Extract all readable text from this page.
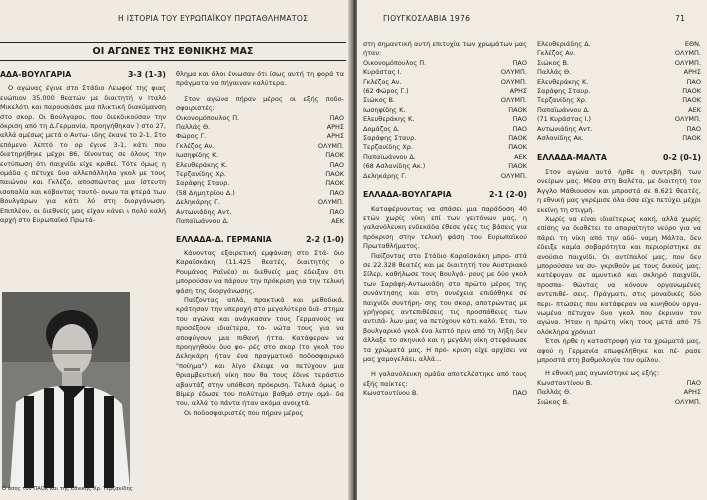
Η ΙΣΤΟΡΙΑ ΤΟΥ ΕΥΡΩΠΑΪΚΟΥ ΠΡΩΤΑΘΛΗΜΑΤΟΣ
ΟΙ ΑΓΩΝΕΣ ΤΗΣ ΕΘΝΙΚΗΣ ΜΑΣ
ΑΔΑ-ΒΟΥΛΓΑΡΙΑ	3-3 (1-3)

Ο αγώνας έγινε στο Στάδιο Λεωφοί της φιας ενώπιον 35.000 θεατών με διαιτητή ν Ιταλό Μικελότι και παρουσιάσε μια πλικτική διακύμανση στο σκορ. Οι Βούλγαροι, που διεκδικούσαν την όκριση από τη Δ.Γερμανία, προηγήθηκαν ) στο 27, αλλά αμέσως μετά ο Αντω- ιδης έκανε το 2-1. Στο επόμενο λεπτό το ορ έγινε 3-1, κάτι που διατηρήθηκε μέχρι 86, δίνοντας σε όλους την εντύπωση ότι παιχνίδι είχε κριθεί. Τότε όμως η ομάδα ς πέτυχε δυο αλλεπάλληλα γκολ με τους παιώνου και Γκλέζο, αποσπώντας μια ίστευτη ισοπαλία και κόβοντας τουτό- ονων τα φτερά των Βουλγάρων για κάτι λό στη διοργάνωση. Επιπλέον, οι διεθνείς μας είχαν κάνει ι πολύ καλή αρχή στο Ευρωπαϊκό Πρωτά-

Ο άσος του ΠΑΟΚ και της Εθνικής Χρ. Τερζανίδης

θλημα και όλοι ένιωσαν ότι ίσως αυτή τη φορά τα πράγματα να πήγαιναν καλύτερα.

Στον αγώνα πήραν μέρος οι εξής ποδο- σφαιριστές:

Οικονομόπουλος Π.	ΠΑΟ
Παλλάς Θ.	ΑΡΗΣ
Φώρος Γ.	ΑΡΗΣ
Γκλέζος Αν.	ΟΛΥΜΠ.
Ιωσηφίδης Κ.	ΠΑΟΚ
Ελευθεράκης Κ.	ΠΑΟ
Τερζανίδης Χρ.	ΠΑΟΚ
Σαράφης Σταυρ.	ΠΑΟΚ
(58 Δημητρίου Δ.)	ΠΑΟ
Δεληκάρης Γ.	ΟΛΥΜΠ.
Αντωνιάδης Αντ.	ΠΑΟ
Παπαϊωάννου Δ.	ΑΕΚ
ΕΛΛΑΔΑ-Δ. ΓΕΡΜΑΝΙΑ	2-2 (1-0)

Κάνοντας εξαιρετική εμφάνιση στο Στά- διο Καραϊσκάκη (11.425 θεατές, διαιτητής ο Ρουμάνος Ραϊνέα) οι διεθνείς μας έδειξαν ότι μπορούσαν να πάρουν την πρόκριση για την τελική φάση της διοργάνωσης.

Παίζοντας απλά, πρακτικά και μεθοδικά, κράτησαν την υπεροχή στο μεγαλύτερο διά- στημα του αγώνα και ανάγκασαν τους Γερμανούς να προσέξουν ιδιαίτερα, το- νώτα τους για να αποφύγουν μια πιθανή ήττα. Κατάφεραν να προηγηθούν δυο φο- ρές στο σκορ (το γκολ του Δεληκάρη ήταν ένα πραγματικό ποδοσφαιρικό "ποίημα") και λίγο έλειψε να πετύχουν μια θριαμβευτική νίκη που θα τους έδινε τεράστιο αβαντάζ στην υπόθεση πρόκριση. Τελικά όμως ο Βίμερ έδωσε του πολύτιμο βαθμό στην ομά- δα του, αλλά το πάντα ήταν ακόμα ανοιχτά.

Οι ποδοσφαιριστές που πήραν μέρος

ΓΙΟΥΓΚΟΣΛΑΒΙΑ 1976	71

στη σημαντική αυτή επιτυχία των χρωμάτων μας ήταν:

Οικονομόπουλος Π.	ΠΑΟ
Κυράστας Ι.	ΟΛΥΜΠ.
Γκλέζος Αν.	ΟΛΥΜΠ.
(62 Φώρος Γ.)	ΑΡΗΣ
Σιώκος Β.	ΟΛΥΜΠ.
Ιωσηφίδης Κ.	ΠΑΟΚ
Ελευθεράκης Κ.	ΠΑΟ
Δομάζος Δ.	ΠΑΟ
Σαράφης Σταυρ.	ΠΑΟΚ
Τερζανίδης Χρ.	ΠΑΟΚ
Παπαϊωάννου Δ.	ΑΕΚ
(68 Ασλανίδης Ακ.)	ΠΑΟΚ
Δεληκάρης Γ.	ΟΛΥΜΠ.
ΕΛΛΑΔΑ-ΒΟΥΛΓΑΡΙΑ	2-1 (2-0)

Καταφέρνοντας να σπάσει μια παράδοση 40 ετών χωρίς νίκη επί των γειτόνων μας, η γαλανόλευκη ενδεκάδα έθεσε γέες τις βάσεις για πρόκριση στην τελική φάση του Ευρωπαϊκού Πρωταθλήματος.

Παίζοντας στο Στάδιο Καραϊσκάκη μπρο- στά σε 22.328 θεατές και με διαιτητή τον Αυστριακό Σίλερ, καθήλωσε τους Βουλγά- ρους με δύο γκολ των Σαράφη-Αντωνιάδη στο πρώτο μέρος της συνάντησης και στη συνέχεια επιδόθηκε σε παιχνίδι συντήρη- σης του σκορ, αποτρώντας με γρήγορες αντεπιθέσεις τις προσπάθειες των αντιπά- λων μας να πετύχουν κάτι καλό. Έτσι, το βουλγαρικό γκολ ένα λεπτό πριν από τη λήξη δεν άλλαξε το σκηνικό και η μεγάλη νίκη στεφάνωσε τα χρώματά μας. Η πρό- κριση είχε αρχίσει να μας χαμογελάει, αλλά...

Η γαλανόλευκη ομάδα αποτελέστηκε από τους εξής παίκτες:

Κωνσταντίνου Β.	ΠΑΟ
Ελευθεριάδης Δ.	ΕΘΝ.
Γκλέζος Αν.	ΟΛΥΜΠ.
Σιώκος Β.	ΟΛΥΜΠ.
Παλλάς Θ.	ΑΡΗΣ
Ελευθεράκης Κ.	ΠΑΟ
Σαράφης Σταυρ.	ΠΑΟΚ
Τερζανίδης Χρ.	ΠΑΟΚ
Παπαϊωάννου Δ.	ΑΕΚ
(71 Κυράστας Ι.)	ΟΛΥΜΠ.
Αντωνιάδης Αντ.	ΠΑΟ
Ασλανίδης Ακ.	ΠΑΟΚ
ΕΛΛΑΔΑ-ΜΑΛΤΑ	0-2 (0-1)

Στον αγώνα αυτό ήρθε η συντριβή των ονείρων μας. Μέσα στη Βαλέτα, με διαιτητή τον Άγγλο Μάθιουσον και μπροστά σε 8.621 θεατές, η εθνική μας γκρέμισε όλα όσα είχε πετύχει μέχρι εκείνη τη στιγμή.

Χωρίς να είναι ιδιαίτερως κακή, αλλά χωρίς επίσης να διαθέτει το απαραίτητο νεύρο για να πάρει τη νίκη από την αδύ- ναμη Μάλτα, δεν έδειξε καμία σοβαρότητα και περιορίστηκε σε ανούσιο παιχνίδι. Οι αντίπαλοί μας, που δεν μπορούσαν να συ- γκριθούν με τους δικούς μας, κατέφυγαν σε αμυντικό και σκληρό παιχνίδι, προσπα- θώντας να κόνουν οργανωμένες αντεπιθέ- σεις. Πράγματι, στις μοναδικές δύο περι- πτώσεις που κατάφεραν να κινηθούν οργα- νωμένα πέτυχαν δυο γκολ που έκριναν τον αγώνα. Ήταν η πρώτη νίκη τους μετά από 75 ολόκληρα χρόνια!

Έτσι ήρθε η καταστροφή για τα χρώματά μας, αφού η Γερμανία επωφελήθηκε και πέ- ρασε μπροστά στη βαθμολογία του ομίλου.

Η εθνική μας αγωνίστηκε ως εξής:

Κωνσταντίνου Β.	ΠΑΟ
Παλλάς Θ.	ΑΡΗΣ
Σιώκος Β.	ΟΛΥΜΠ.
